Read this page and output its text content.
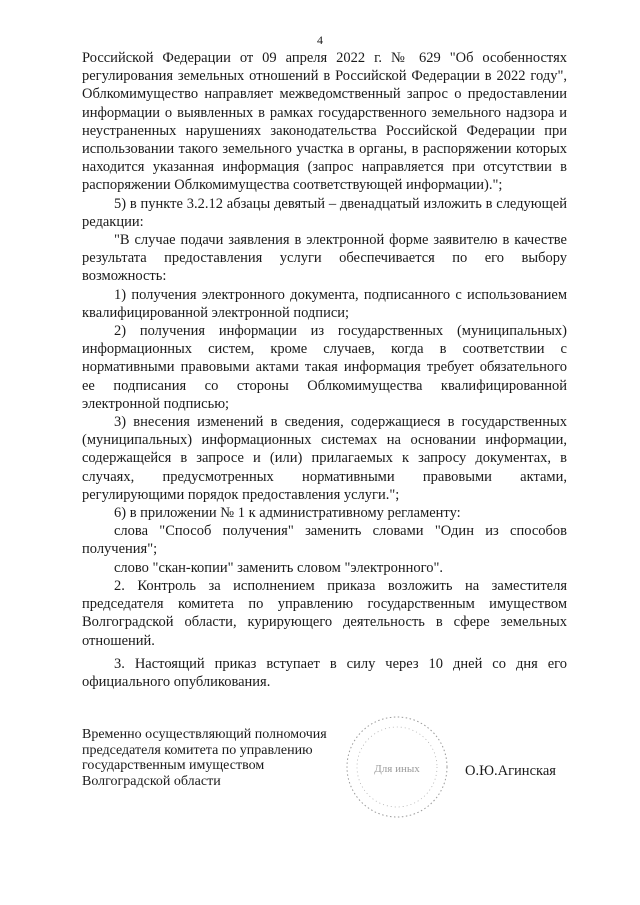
4

Российской Федерации от 09 апреля 2022 г. № 629 "Об особенностях регулирования земельных отношений в Российской Федерации в 2022 году", Облкомимущество направляет межведомственный запрос о предоставлении информации о выявленных в рамках государственного земельного надзора и неустраненных нарушениях законодательства Российской Федерации при использовании такого земельного участка в органы, в распоряжении которых находится указанная информация (запрос направляется при отсутствии в распоряжении Облкомимущества соответствующей информации).";

5) в пункте 3.2.12 абзацы девятый – двенадцатый изложить в следующей редакции:

"В случае подачи заявления в электронной форме заявителю в качестве результата предоставления услуги обеспечивается по его выбору возможность:

1) получения электронного документа, подписанного с использованием квалифицированной электронной подписи;

2) получения информации из государственных (муниципальных) информационных систем, кроме случаев, когда в соответствии с нормативными правовыми актами такая информация требует обязательного ее подписания со стороны Облкомимущества квалифицированной электронной подписью;

3) внесения изменений в сведения, содержащиеся в государственных (муниципальных) информационных системах на основании информации, содержащейся в запросе и (или) прилагаемых к запросу документах, в случаях, предусмотренных нормативными правовыми актами, регулирующими порядок предоставления услуги.";

6) в приложении № 1 к административному регламенту:

слова "Способ получения" заменить словами "Один из способов получения";

слово "скан-копии" заменить словом "электронного".

2. Контроль за исполнением приказа возложить на заместителя председателя комитета по управлению государственным имуществом Волгоградской области, курирующего деятельность в сфере земельных отношений.

3. Настоящий приказ вступает в силу через 10 дней со дня его официального опубликования.

Временно осуществляющий полномочия
председателя комитета по управлению
государственным имуществом
Волгоградской области
Для иных	О.Ю.Агинская
